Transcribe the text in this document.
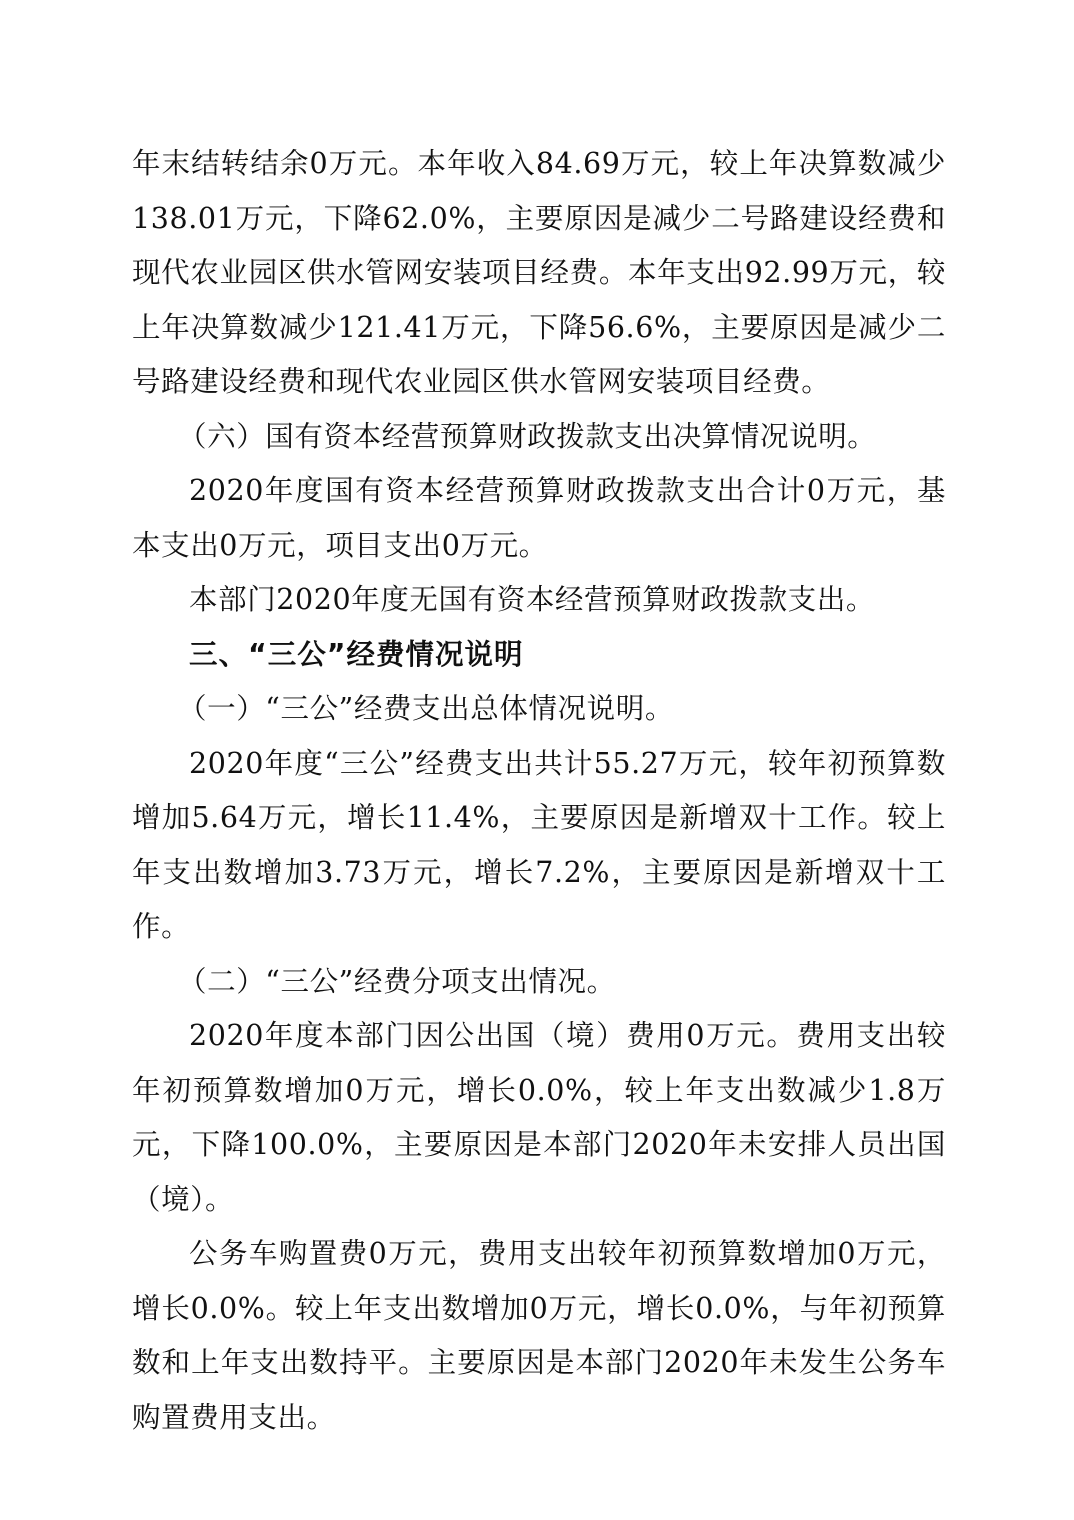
年末结转结余0万元。本年收入84.69万元，较上年决算数减少138.01万元，下降62.0%，主要原因是减少二号路建设经费和现代农业园区供水管网安装项目经费。本年支出92.99万元，较上年决算数减少121.41万元，下降56.6%，主要原因是减少二号路建设经费和现代农业园区供水管网安装项目经费。

（六）国有资本经营预算财政拨款支出决算情况说明。

2020年度国有资本经营预算财政拨款支出合计0万元，基本支出0万元，项目支出0万元。

本部门2020年度无国有资本经营预算财政拨款支出。

三、“三公”经费情况说明

（一）“三公”经费支出总体情况说明。

2020年度“三公”经费支出共计55.27万元，较年初预算数增加5.64万元，增长11.4%，主要原因是新增双十工作。较上年支出数增加3.73万元，增长7.2%，主要原因是新增双十工作。

（二）“三公”经费分项支出情况。

2020年度本部门因公出国（境）费用0万元。费用支出较年初预算数增加0万元，增长0.0%，较上年支出数减少1.8万元，下降100.0%，主要原因是本部门2020年未安排人员出国（境）。

公务车购置费0万元，费用支出较年初预算数增加0万元，增长0.0%。较上年支出数增加0万元，增长0.0%，与年初预算数和上年支出数持平。主要原因是本部门2020年未发生公务车购置费用支出。
